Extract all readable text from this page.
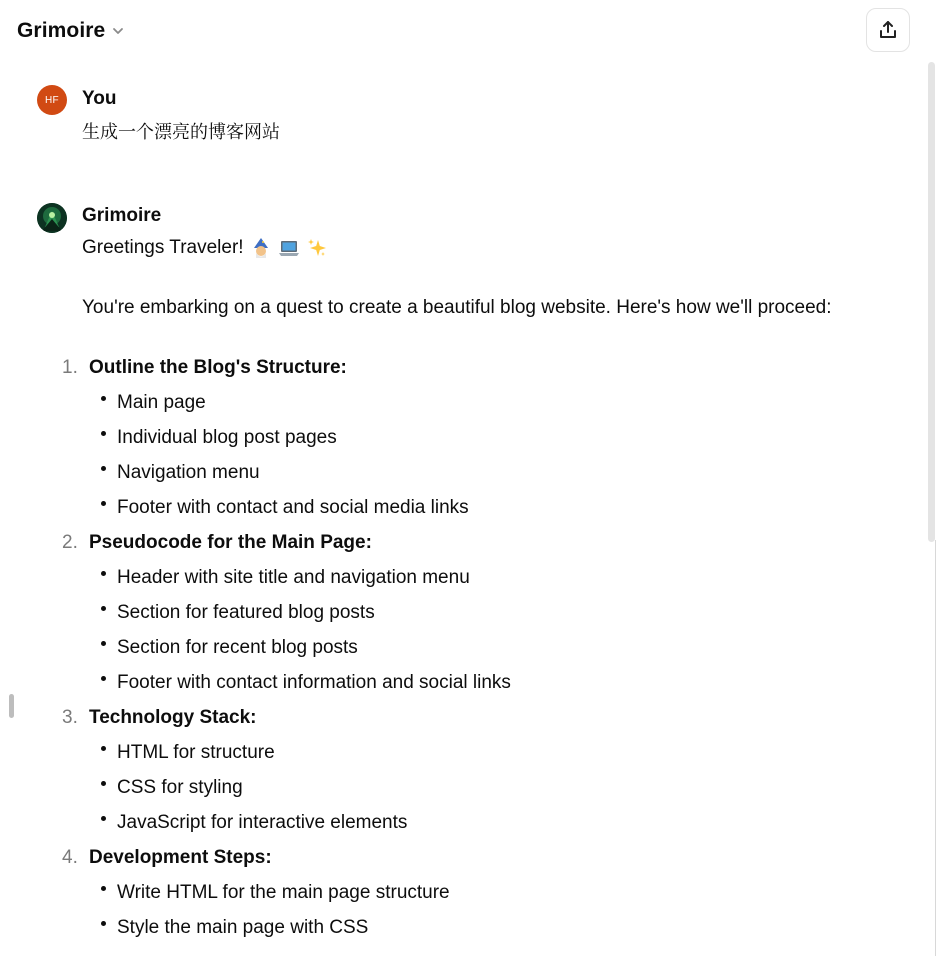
Grimoire
HF	You
生成一个漂亮的博客网站
Grimoire
Greetings Traveler!
You're embarking on a quest to create a beautiful blog website. Here's how we'll proceed:
1. Outline the Blog's Structure:
Main page
Individual blog post pages
Navigation menu
Footer with contact and social media links
2. Pseudocode for the Main Page:
Header with site title and navigation menu
Section for featured blog posts
Section for recent blog posts
Footer with contact information and social links
3. Technology Stack:
HTML for structure
CSS for styling
JavaScript for interactive elements
4. Development Steps:
Write HTML for the main page structure
Style the main page with CSS
